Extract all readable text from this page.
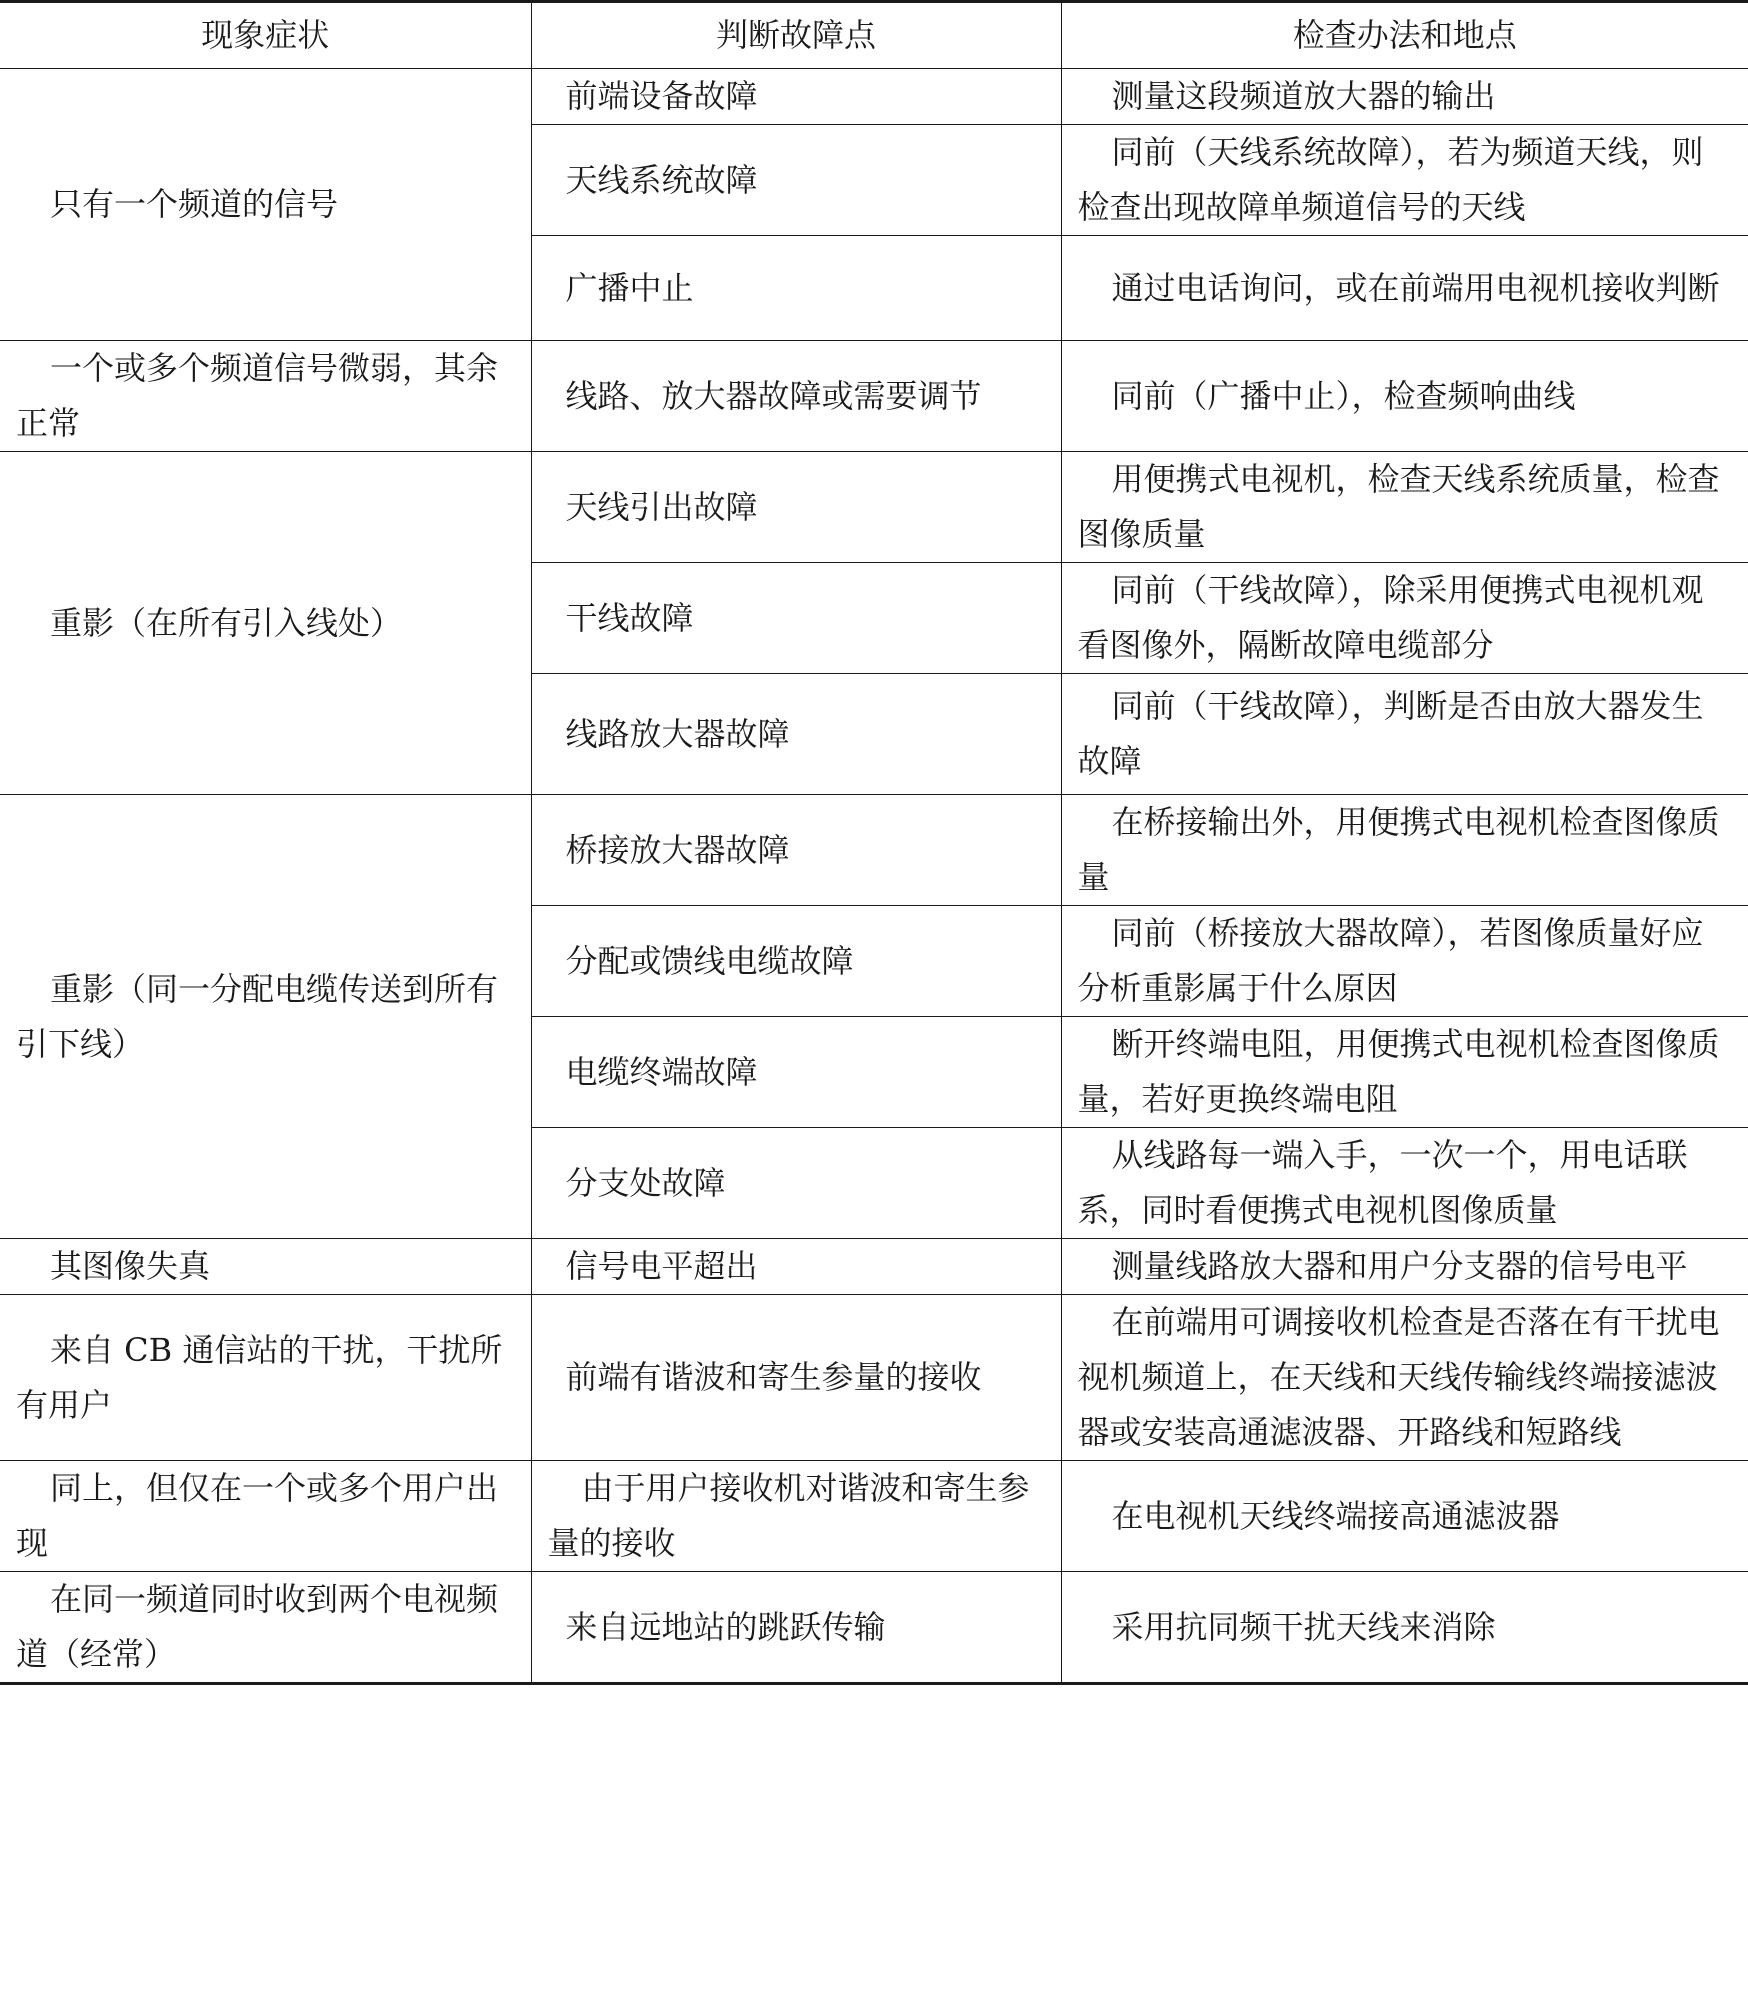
现象症状	判断故障点	检查办法和地点
只有一个频道的信号	前端设备故障	测量这段频道放大器的输出
	天线系统故障	同前（天线系统故障），若为频道天线，则检查出现故障单频道信号的天线
	广播中止	通过电话询问，或在前端用电视机接收判断
一个或多个频道信号微弱，其余正常	线路、放大器故障或需要调节	同前（广播中止），检查频响曲线
重影（在所有引入线处）	天线引出故障	用便携式电视机，检查天线系统质量，检查图像质量
	干线故障	同前（干线故障），除采用便携式电视机观看图像外，隔断故障电缆部分
	线路放大器故障	同前（干线故障），判断是否由放大器发生故障
重影（同一分配电缆传送到所有引下线）	桥接放大器故障	在桥接输出外，用便携式电视机检查图像质量
	分配或馈线电缆故障	同前（桥接放大器故障），若图像质量好应分析重影属于什么原因
	电缆终端故障	断开终端电阻，用便携式电视机检查图像质量，若好更换终端电阻
	分支处故障	从线路每一端入手，一次一个，用电话联系，同时看便携式电视机图像质量
其图像失真	信号电平超出	测量线路放大器和用户分支器的信号电平
来自 CB 通信站的干扰，干扰所有用户	前端有谐波和寄生参量的接收	在前端用可调接收机检查是否落在有干扰电视机频道上，在天线和天线传输线终端接滤波器或安装高通滤波器、开路线和短路线
同上，但仅在一个或多个用户出现	由于用户接收机对谐波和寄生参量的接收	在电视机天线终端接高通滤波器
在同一频道同时收到两个电视频道（经常）	来自远地站的跳跃传输	采用抗同频干扰天线来消除
